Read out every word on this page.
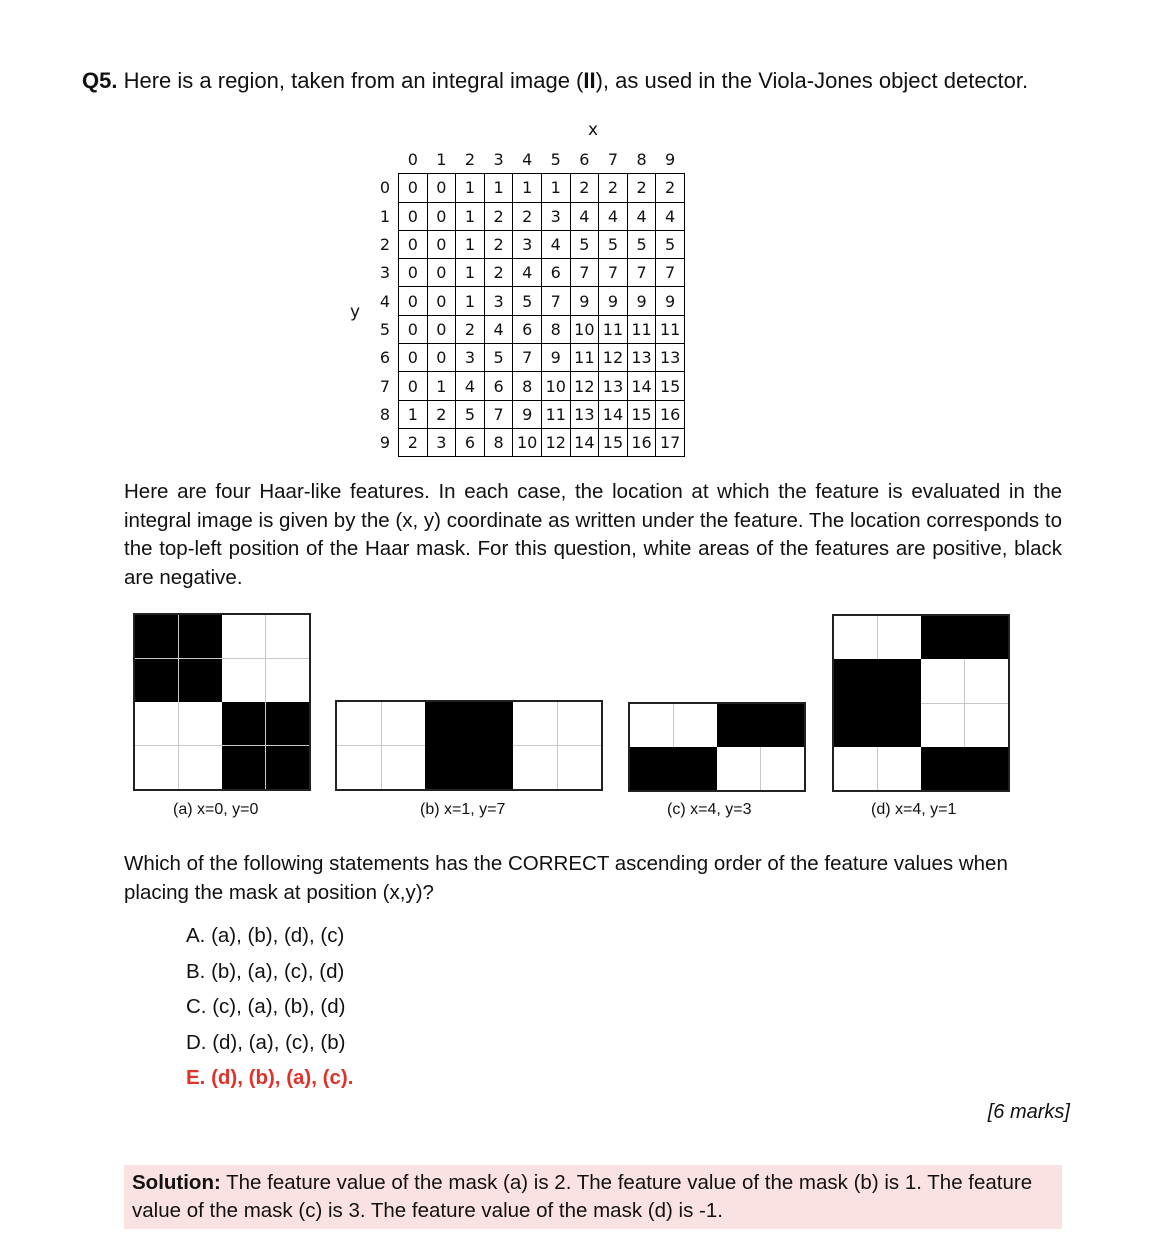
Q5. Here is a region, taken from an integral image (II), as used in the Viola-Jones object detector.
x
y
	0	1	2	3	4	5	6	7	8	9
0	0	0	1	1	1	1	2	2	2	2
1	0	0	1	2	2	3	4	4	4	4
2	0	0	1	2	3	4	5	5	5	5
3	0	0	1	2	4	6	7	7	7	7
4	0	0	1	3	5	7	9	9	9	9
5	0	0	2	4	6	8	10	11	11	11
6	0	0	3	5	7	9	11	12	13	13
7	0	1	4	6	8	10	12	13	14	15
8	1	2	5	7	9	11	13	14	15	16
9	2	3	6	8	10	12	14	15	16	17
Here are four Haar-like features. In each case, the location at which the feature is evaluated in the integral image is given by the (x, y) coordinate as written under the feature. The location corresponds to the top-left position of the Haar mask. For this question, white areas of the features are positive, black are negative.
(a) x=0, y=0	(b) x=1, y=7	(c) x=4, y=3	(d) x=4, y=1
Which of the following statements has the CORRECT ascending order of the feature values when placing the mask at position (x,y)?
A. (a), (b), (d), (c)
B. (b), (a), (c), (d)
C. (c), (a), (b), (d)
D. (d), (a), (c), (b)
E. (d), (b), (a), (c).
[6 marks]
Solution: The feature value of the mask (a) is 2. The feature value of the mask (b) is 1. The feature value of the mask (c) is 3. The feature value of the mask (d) is -1.
